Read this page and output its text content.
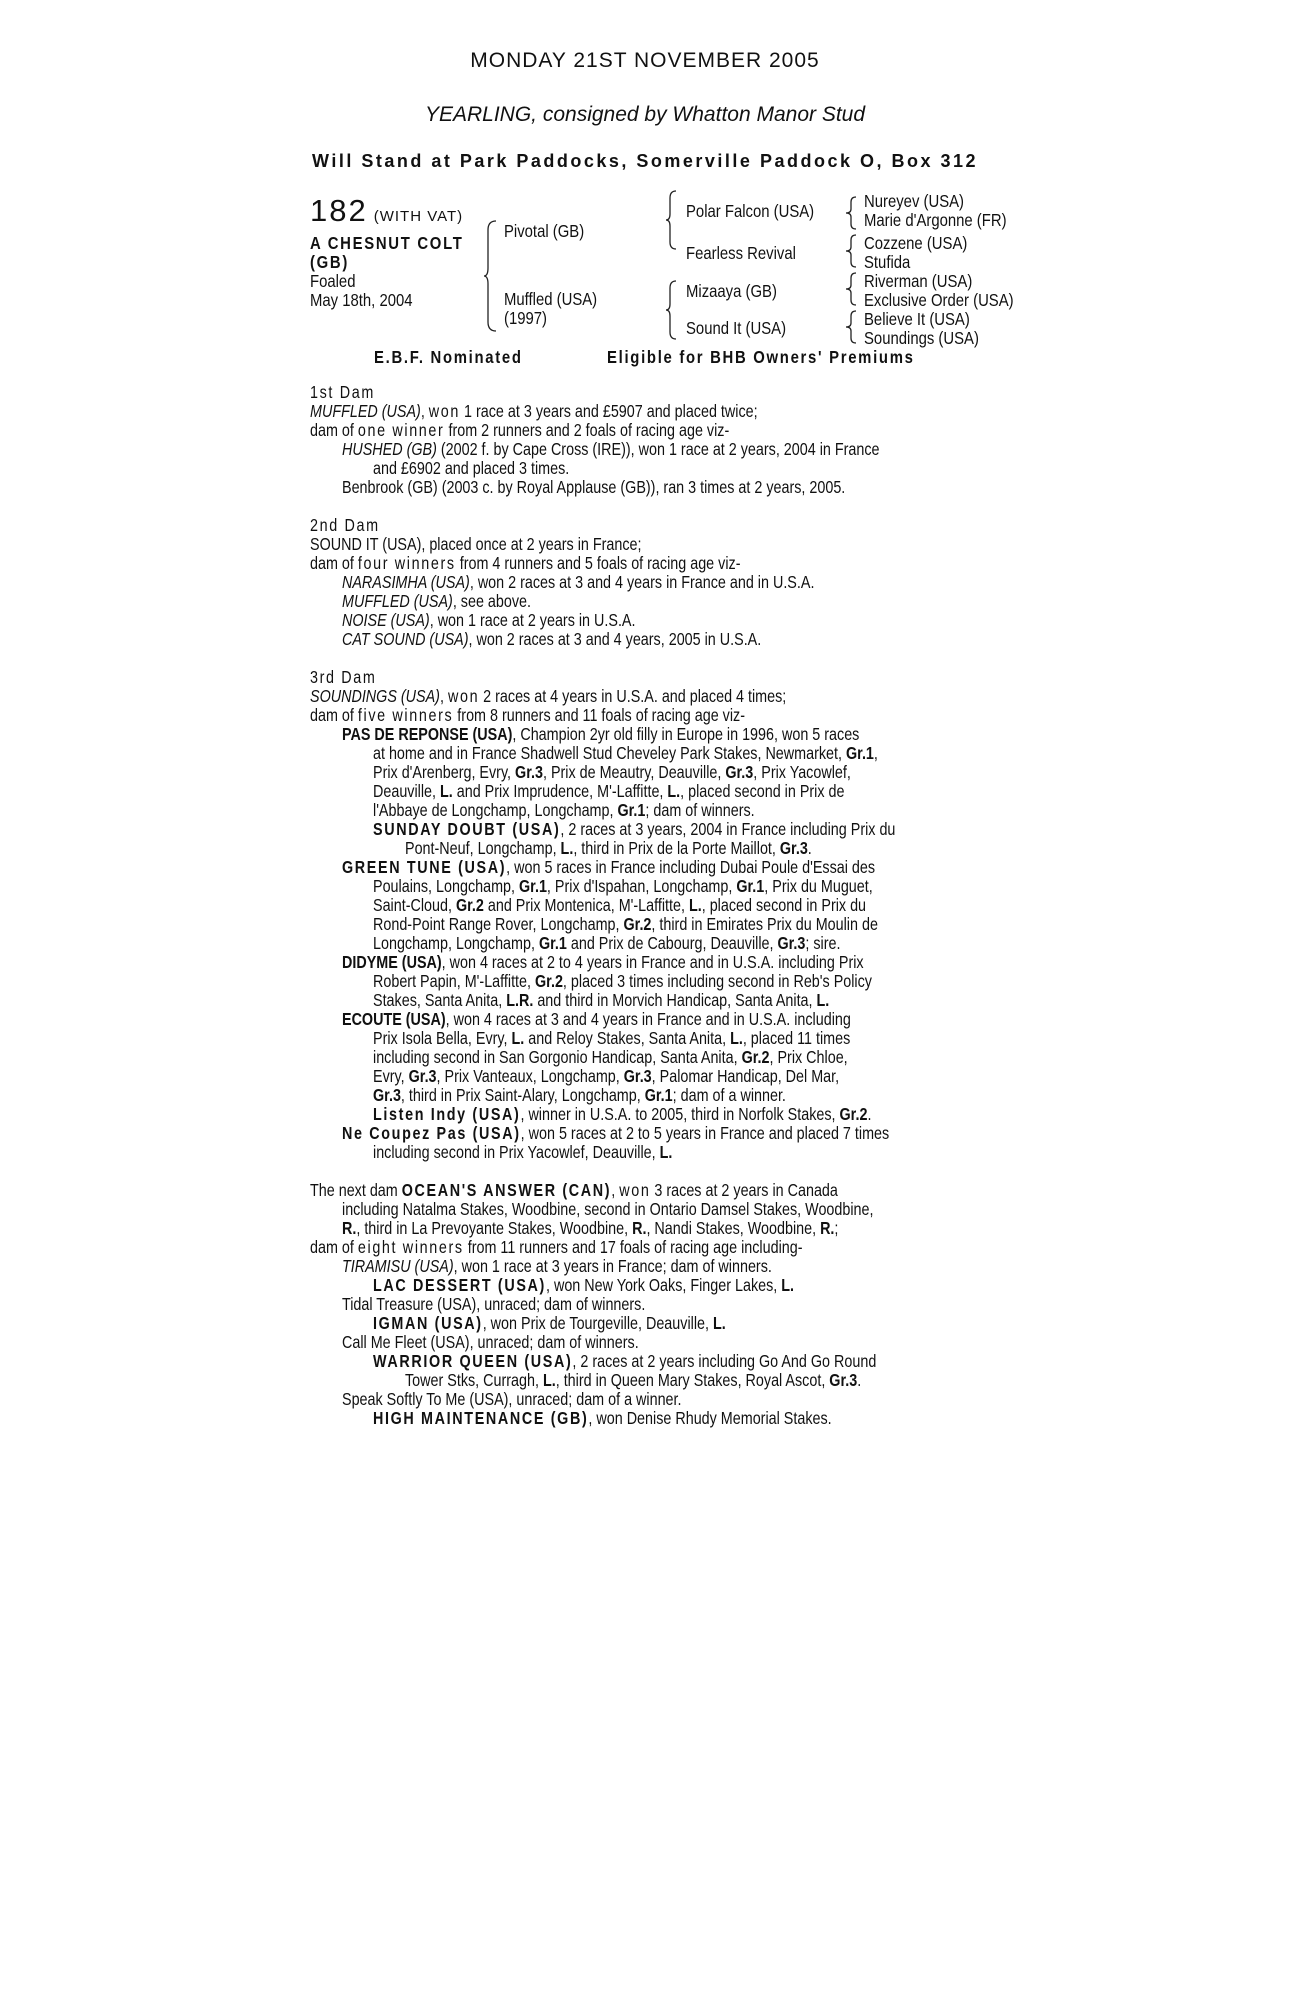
MONDAY 21ST NOVEMBER 2005
YEARLING, consigned by Whatton Manor Stud
Will Stand at Park Paddocks, Somerville Paddock O, Box 312
182 (WITH VAT)
A CHESNUT COLT
(GB)
Foaled
May 18th, 2004
Pivotal (GB)
Muffled (USA)
(1997)
Polar Falcon (USA)
Fearless Revival
Mizaaya (GB)
Sound It (USA)
Nureyev (USA)
Marie d'Argonne (FR)
Cozzene (USA)
Stufida
Riverman (USA)
Exclusive Order (USA)
Believe It (USA)
Soundings (USA)
E.B.F. Nominated	Eligible for BHB Owners' Premiums
1st Dam
MUFFLED (USA), won 1 race at 3 years and £5907 and placed twice;
dam of one winner from 2 runners and 2 foals of racing age viz-
HUSHED (GB) (2002 f. by Cape Cross (IRE)), won 1 race at 2 years, 2004 in France
and £6902 and placed 3 times.
Benbrook (GB) (2003 c. by Royal Applause (GB)), ran 3 times at 2 years, 2005.
2nd Dam
SOUND IT (USA), placed once at 2 years in France;
dam of four winners from 4 runners and 5 foals of racing age viz-
NARASIMHA (USA), won 2 races at 3 and 4 years in France and in U.S.A.
MUFFLED (USA), see above.
NOISE (USA), won 1 race at 2 years in U.S.A.
CAT SOUND (USA), won 2 races at 3 and 4 years, 2005 in U.S.A.
3rd Dam
SOUNDINGS (USA), won 2 races at 4 years in U.S.A. and placed 4 times;
dam of five winners from 8 runners and 11 foals of racing age viz-
PAS DE REPONSE (USA), Champion 2yr old filly in Europe in 1996, won 5 races
at home and in France Shadwell Stud Cheveley Park Stakes, Newmarket, Gr.1,
Prix d'Arenberg, Evry, Gr.3, Prix de Meautry, Deauville, Gr.3, Prix Yacowlef,
Deauville, L. and Prix Imprudence, M'-Laffitte, L., placed second in Prix de
l'Abbaye de Longchamp, Longchamp, Gr.1; dam of winners.
SUNDAY DOUBT (USA), 2 races at 3 years, 2004 in France including Prix du
Pont-Neuf, Longchamp, L., third in Prix de la Porte Maillot, Gr.3.
GREEN TUNE (USA), won 5 races in France including Dubai Poule d'Essai des
Poulains, Longchamp, Gr.1, Prix d'Ispahan, Longchamp, Gr.1, Prix du Muguet,
Saint-Cloud, Gr.2 and Prix Montenica, M'-Laffitte, L., placed second in Prix du
Rond-Point Range Rover, Longchamp, Gr.2, third in Emirates Prix du Moulin de
Longchamp, Longchamp, Gr.1 and Prix de Cabourg, Deauville, Gr.3; sire.
DIDYME (USA), won 4 races at 2 to 4 years in France and in U.S.A. including Prix
Robert Papin, M'-Laffitte, Gr.2, placed 3 times including second in Reb's Policy
Stakes, Santa Anita, L.R. and third in Morvich Handicap, Santa Anita, L.
ECOUTE (USA), won 4 races at 3 and 4 years in France and in U.S.A. including
Prix Isola Bella, Evry, L. and Reloy Stakes, Santa Anita, L., placed 11 times
including second in San Gorgonio Handicap, Santa Anita, Gr.2, Prix Chloe,
Evry, Gr.3, Prix Vanteaux, Longchamp, Gr.3, Palomar Handicap, Del Mar,
Gr.3, third in Prix Saint-Alary, Longchamp, Gr.1; dam of a winner.
Listen Indy (USA), winner in U.S.A. to 2005, third in Norfolk Stakes, Gr.2.
Ne Coupez Pas (USA), won 5 races at 2 to 5 years in France and placed 7 times
including second in Prix Yacowlef, Deauville, L.
The next dam OCEAN'S ANSWER (CAN), won 3 races at 2 years in Canada
including Natalma Stakes, Woodbine, second in Ontario Damsel Stakes, Woodbine,
R., third in La Prevoyante Stakes, Woodbine, R., Nandi Stakes, Woodbine, R.;
dam of eight winners from 11 runners and 17 foals of racing age including-
TIRAMISU (USA), won 1 race at 3 years in France; dam of winners.
LAC DESSERT (USA), won New York Oaks, Finger Lakes, L.
Tidal Treasure (USA), unraced; dam of winners.
IGMAN (USA), won Prix de Tourgeville, Deauville, L.
Call Me Fleet (USA), unraced; dam of winners.
WARRIOR QUEEN (USA), 2 races at 2 years including Go And Go Round
Tower Stks, Curragh, L., third in Queen Mary Stakes, Royal Ascot, Gr.3.
Speak Softly To Me (USA), unraced; dam of a winner.
HIGH MAINTENANCE (GB), won Denise Rhudy Memorial Stakes.
